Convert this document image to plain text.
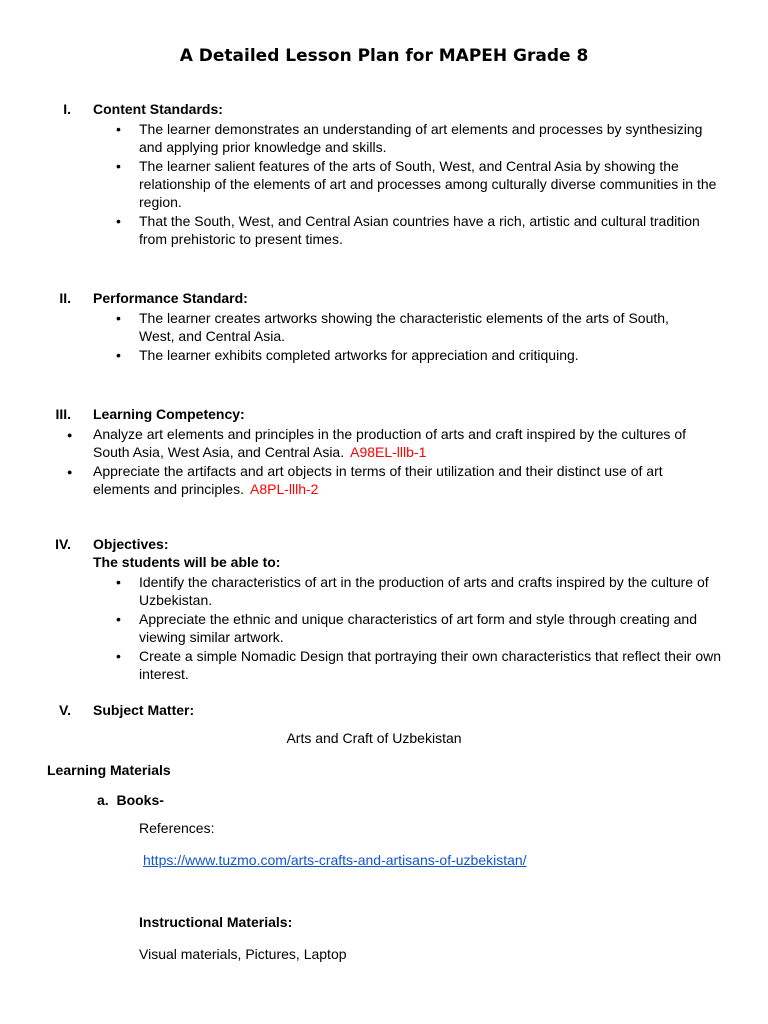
A Detailed Lesson Plan for MAPEH Grade 8
I. Content Standards:
• The learner demonstrates an understanding of art elements and processes by synthesizing and applying prior knowledge and skills.
• The learner salient features of the arts of South, West, and Central Asia by showing the relationship of the elements of art and processes among culturally diverse communities in the region.
• That the South, West, and Central Asian countries have a rich, artistic and cultural tradition from prehistoric to present times.
II. Performance Standard:
• The learner creates artworks showing the characteristic elements of the arts of South, West, and Central Asia.
• The learner exhibits completed artworks for appreciation and critiquing.
III. Learning Competency:
● Analyze art elements and principles in the production of arts and craft inspired by the cultures of South Asia, West Asia, and Central Asia. A98EL-lllb-1
● Appreciate the artifacts and art objects in terms of their utilization and their distinct use of art elements and principles. A8PL-lllh-2
IV. Objectives:
The students will be able to:
• Identify the characteristics of art in the production of arts and crafts inspired by the culture of Uzbekistan.
• Appreciate the ethnic and unique characteristics of art form and style through creating and viewing similar artwork.
• Create a simple Nomadic Design that portraying their own characteristics that reflect their own interest.
V. Subject Matter:
Arts and Craft of Uzbekistan
Learning Materials
a.  Books-
References:
https://www.tuzmo.com/arts-crafts-and-artisans-of-uzbekistan/
Instructional Materials:
Visual materials, Pictures, Laptop
